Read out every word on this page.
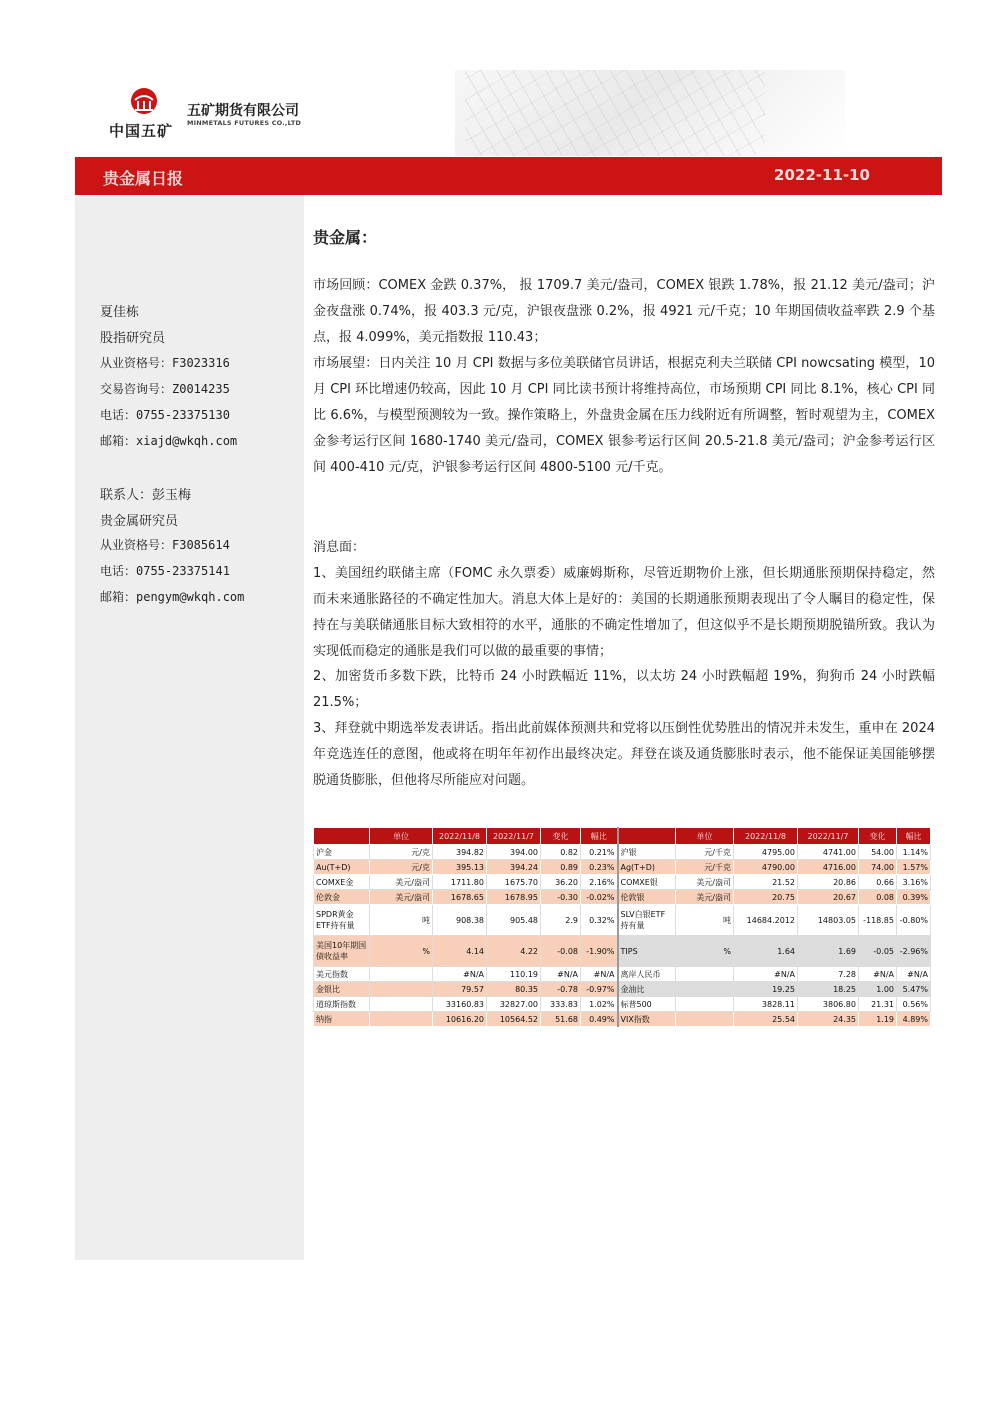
中国五矿
五矿期货有限公司
MINMETALS FUTURES CO.,LTD
贵金属日报	2022-11-10
夏佳栋
股指研究员
从业资格号：F3023316
交易咨询号：Z0014235
电话：0755-23375130
邮箱：xiajd@wkqh.com
联系人：彭玉梅
贵金属研究员
从业资格号：F3085614
电话：0755-23375141
邮箱：pengym@wkqh.com
贵金属：
市场回顾：COMEX 金跌 0.37%， 报 1709.7 美元/盎司，COMEX 银跌 1.78%，报 21.12 美元/盎司；沪金夜盘涨 0.74%，报 403.3 元/克，沪银夜盘涨 0.2%，报 4921 元/千克；10 年期国债收益率跌 2.9 个基点，报 4.099%，美元指数报 110.43；
市场展望：日内关注 10 月 CPI 数据与多位美联储官员讲话，根据克利夫兰联储 CPI nowcsating 模型，10 月 CPI 环比增速仍较高，因此 10 月 CPI 同比读书预计将维持高位，市场预期 CPI 同比 8.1%，核心 CPI 同比 6.6%，与模型预测较为一致。操作策略上，外盘贵金属在压力线附近有所调整，暂时观望为主，COMEX 金参考运行区间 1680-1740 美元/盎司，COMEX 银参考运行区间 20.5-21.8 美元/盎司；沪金参考运行区间 400-410 元/克，沪银参考运行区间 4800-5100 元/千克。
消息面：
1、美国纽约联储主席（FOMC 永久票委）威廉姆斯称，尽管近期物价上涨，但长期通胀预期保持稳定，然而未来通胀路径的不确定性加大。消息大体上是好的：美国的长期通胀预期表现出了令人瞩目的稳定性，保持在与美联储通胀目标大致相符的水平，通胀的不确定性增加了，但这似乎不是长期预期脱锚所致。我认为实现低而稳定的通胀是我们可以做的最重要的事情；
2、加密货币多数下跌，比特币 24 小时跌幅近 11%，以太坊 24 小时跌幅超 19%，狗狗币 24 小时跌幅 21.5%；
3、拜登就中期选举发表讲话。指出此前媒体预测共和党将以压倒性优势胜出的情况并未发生，重申在 2024 年竞选连任的意图，他或将在明年年初作出最终决定。拜登在谈及通货膨胀时表示，他不能保证美国能够摆脱通货膨胀，但他将尽所能应对问题。
	单位	2022/11/8	2022/11/7	变化	幅比		单位	2022/11/8	2022/11/7	变化	幅比
沪金	元/克	394.82	394.00	0.82	0.21%	沪银	元/千克	4795.00	4741.00	54.00	1.14%
Au(T+D)	元/克	395.13	394.24	0.89	0.23%	Ag(T+D)	元/千克	4790.00	4716.00	74.00	1.57%
COMXE金	美元/盎司	1711.80	1675.70	36.20	2.16%	COMXE银	美元/盎司	21.52	20.86	0.66	3.16%
伦敦金	美元/盎司	1678.65	1678.95	-0.30	-0.02%	伦敦银	美元/盎司	20.75	20.67	0.08	0.39%
SPDR黄金ETF持有量	吨	908.38	905.48	2.9	0.32%	SLV白银ETF持有量	吨	14684.2012	14803.05	-118.85	-0.80%
美国10年期国债收益率	%	4.14	4.22	-0.08	-1.90%	TIPS	%	1.64	1.69	-0.05	-2.96%
美元指数		#N/A	110.19	#N/A	#N/A	离岸人民币		#N/A	7.28	#N/A	#N/A
金银比		79.57	80.35	-0.78	-0.97%	金油比		19.25	18.25	1.00	5.47%
道琼斯指数		33160.83	32827.00	333.83	1.02%	标普500		3828.11	3806.80	21.31	0.56%
纳指		10616.20	10564.52	51.68	0.49%	VIX指数		25.54	24.35	1.19	4.89%
